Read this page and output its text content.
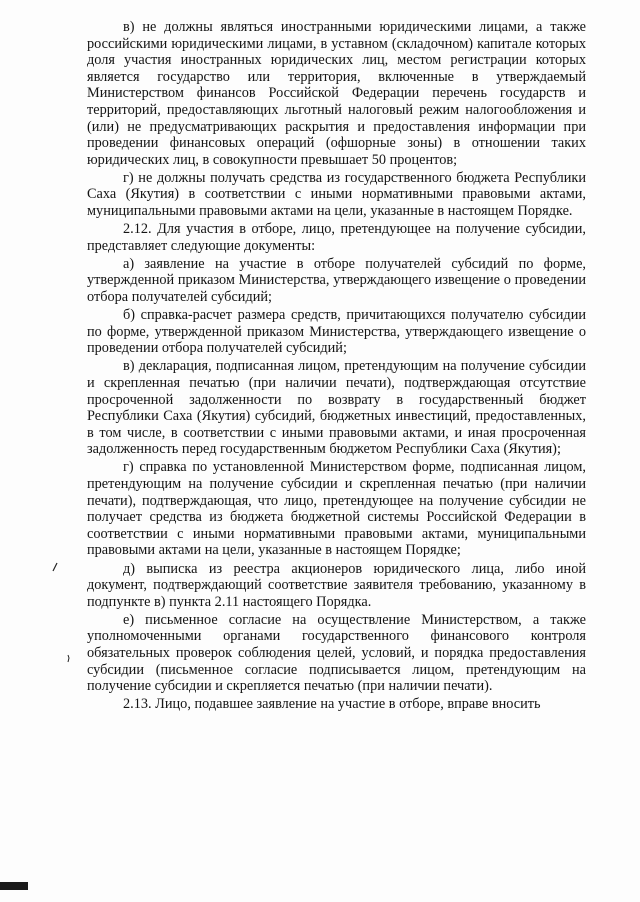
в) не должны являться иностранными юридическими лицами, а также российскими юридическими лицами, в уставном (складочном) капитале которых доля участия иностранных юридических лиц, местом регистрации которых является государство или территория, включенные в утверждаемый Министерством финансов Российской Федерации перечень государств и территорий, предоставляющих льготный налоговый режим налогообложения и (или) не предусматривающих раскрытия и предоставления информации при проведении финансовых операций (офшорные зоны) в отношении таких юридических лиц, в совокупности превышает 50 процентов;

г) не должны получать средства из государственного бюджета Республики Саха (Якутия) в соответствии с иными нормативными правовыми актами, муниципальными правовыми актами на цели, указанные в настоящем Порядке.

2.12. Для участия в отборе, лицо, претендующее на получение субсидии, представляет следующие документы:

а) заявление на участие в отборе получателей субсидий по форме, утвержденной приказом Министерства, утверждающего извещение о проведении отбора получателей субсидий;

б) справка-расчет размера средств, причитающихся получателю субсидии по форме, утвержденной приказом Министерства, утверждающего извещение о проведении отбора получателей субсидий;

в) декларация, подписанная лицом, претендующим на получение субсидии и скрепленная печатью (при наличии печати), подтверждающая отсутствие просроченной задолженности по возврату в государственный бюджет Республики Саха (Якутия) субсидий, бюджетных инвестиций, предоставленных, в том числе, в соответствии с иными правовыми актами, и иная просроченная задолженность перед государственным бюджетом Республики Саха (Якутия);

г) справка по установленной Министерством форме, подписанная лицом, претендующим на получение субсидии и скрепленная печатью (при наличии печати), подтверждающая, что лицо, претендующее на получение субсидии не получает средства из бюджета бюджетной системы Российской Федерации в соответствии с иными нормативными правовыми актами, муниципальными правовыми актами на цели, указанные в настоящем Порядке;

д) выписка из реестра акционеров юридического лица, либо иной документ, подтверждающий соответствие заявителя требованию, указанному в подпункте в) пункта 2.11 настоящего Порядка.

е) письменное согласие на осуществление Министерством, а также уполномоченными органами государственного финансового контроля обязательных проверок соблюдения целей, условий, и порядка предоставления субсидии (письменное согласие подписывается лицом, претендующим на получение субсидии и скрепляется печатью (при наличии печати).

2.13. Лицо, подавшее заявление на участие в отборе, вправе вносить
